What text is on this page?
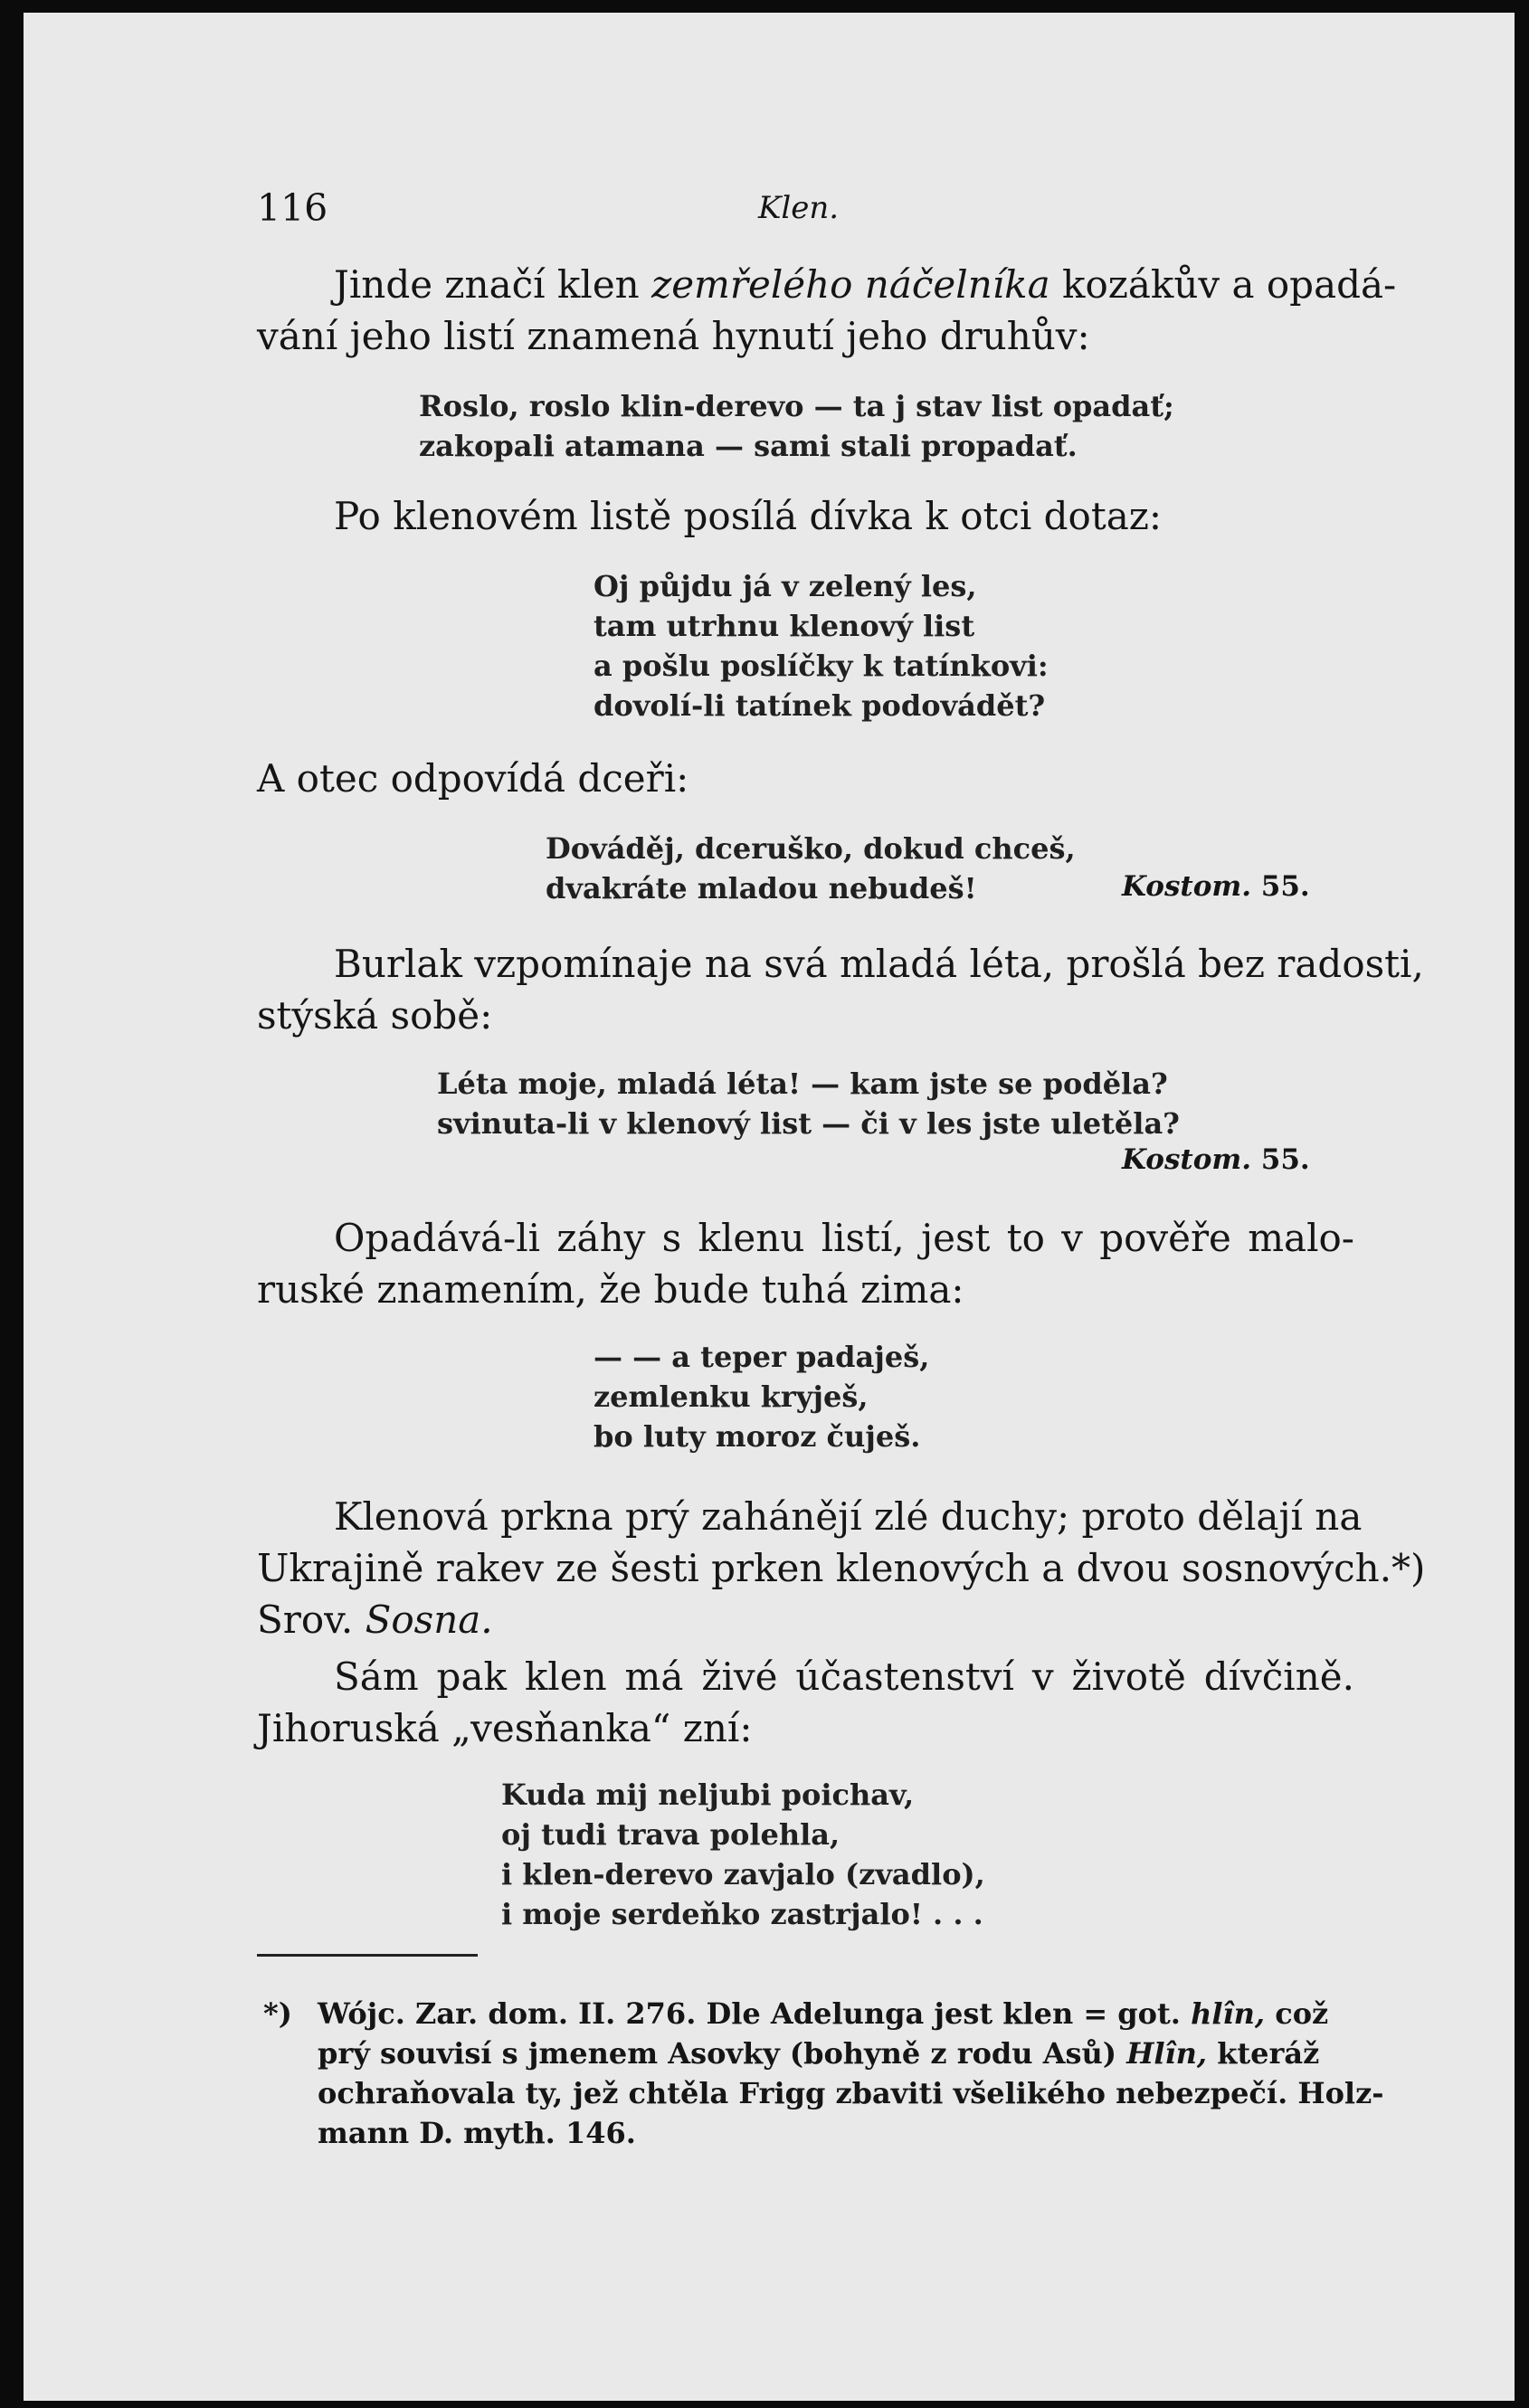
116	Klen.
Jinde značí klen zemřelého náčelníka kozákův a opadá-
vání jeho listí znamená hynutí jeho druhův:
Roslo, roslo klin-derevo — ta j stav list opadať;
zakopali atamana — sami stali propadať.
Po klenovém listě posílá dívka k otci dotaz:
Oj půjdu já v zelený les,
tam utrhnu klenový list
a pošlu poslíčky k tatínkovi:
dovolí-li tatínek podovádět?
A otec odpovídá dceři:
Dováděj, dceruško, dokud chceš,
dvakráte mladou nebudeš!	Kostom. 55.
Burlak vzpomínaje na svá mladá léta, prošlá bez radosti,
stýská sobě:
Léta moje, mladá léta! — kam jste se poděla?
svinuta-li v klenový list — či v les jste uletěla?
Kostom. 55.
Opadává-li záhy s klenu listí, jest to v pověře malo-
ruské znamením, že bude tuhá zima:
— — a teper padaješ,
zemlenku kryješ,
bo luty moroz čuješ.
Klenová prkna prý zahánějí zlé duchy; proto dělají na
Ukrajině rakev ze šesti prken klenových a dvou sosnových.*)
Srov. Sosna.
Sám pak klen má živé účastenství v životě dívčině.
Jihoruská „vesňanka“ zní:
Kuda mij neljubi poichav,
oj tudi trava polehla,
i klen-derevo zavjalo (zvadlo),
i moje serdeňko zastrjalo! . . .
*) Wójc. Zar. dom. II. 276. Dle Adelunga jest klen = got. hlîn, což
prý souvisí s jmenem Asovky (bohyně z rodu Asů) Hlîn, kteráž
ochraňovala ty, jež chtěla Frigg zbaviti všelikého nebezpečí. Holz-
mann D. myth. 146.
